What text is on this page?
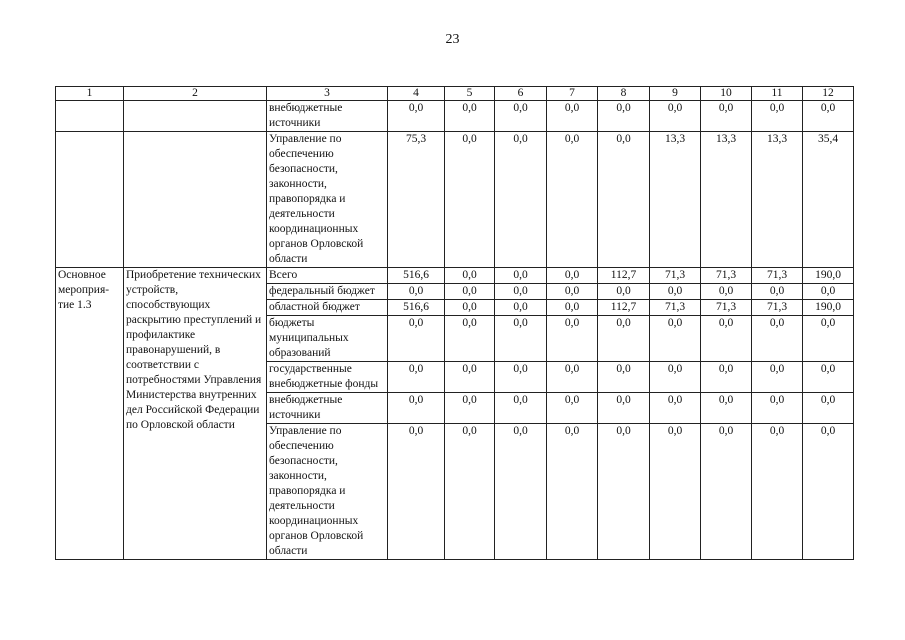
23
1	2	3	4	5	6	7	8	9	10	11	12
		внебюджетные источники	0,0	0,0	0,0	0,0	0,0	0,0	0,0	0,0	0,0
		Управление по обеспечению безопасности, законности, правопорядка и деятельности координационных органов Орловской области	75,3	0,0	0,0	0,0	0,0	13,3	13,3	13,3	35,4
Основное мероприя-тие 1.3	Приобретение технических устройств, способствующих раскрытию преступлений и профилактике правонарушений, в соответствии с потребностями Управления Министерства внутренних дел Российской Федерации по Орловской области	Всего	516,6	0,0	0,0	0,0	112,7	71,3	71,3	71,3	190,0
		федеральный бюджет	0,0	0,0	0,0	0,0	0,0	0,0	0,0	0,0	0,0
		областной бюджет	516,6	0,0	0,0	0,0	112,7	71,3	71,3	71,3	190,0
		бюджеты муниципальных образований	0,0	0,0	0,0	0,0	0,0	0,0	0,0	0,0	0,0
		государственные внебюджетные фонды	0,0	0,0	0,0	0,0	0,0	0,0	0,0	0,0	0,0
		внебюджетные источники	0,0	0,0	0,0	0,0	0,0	0,0	0,0	0,0	0,0
		Управление по обеспечению безопасности, законности, правопорядка и деятельности координационных органов Орловской области	0,0	0,0	0,0	0,0	0,0	0,0	0,0	0,0	0,0
